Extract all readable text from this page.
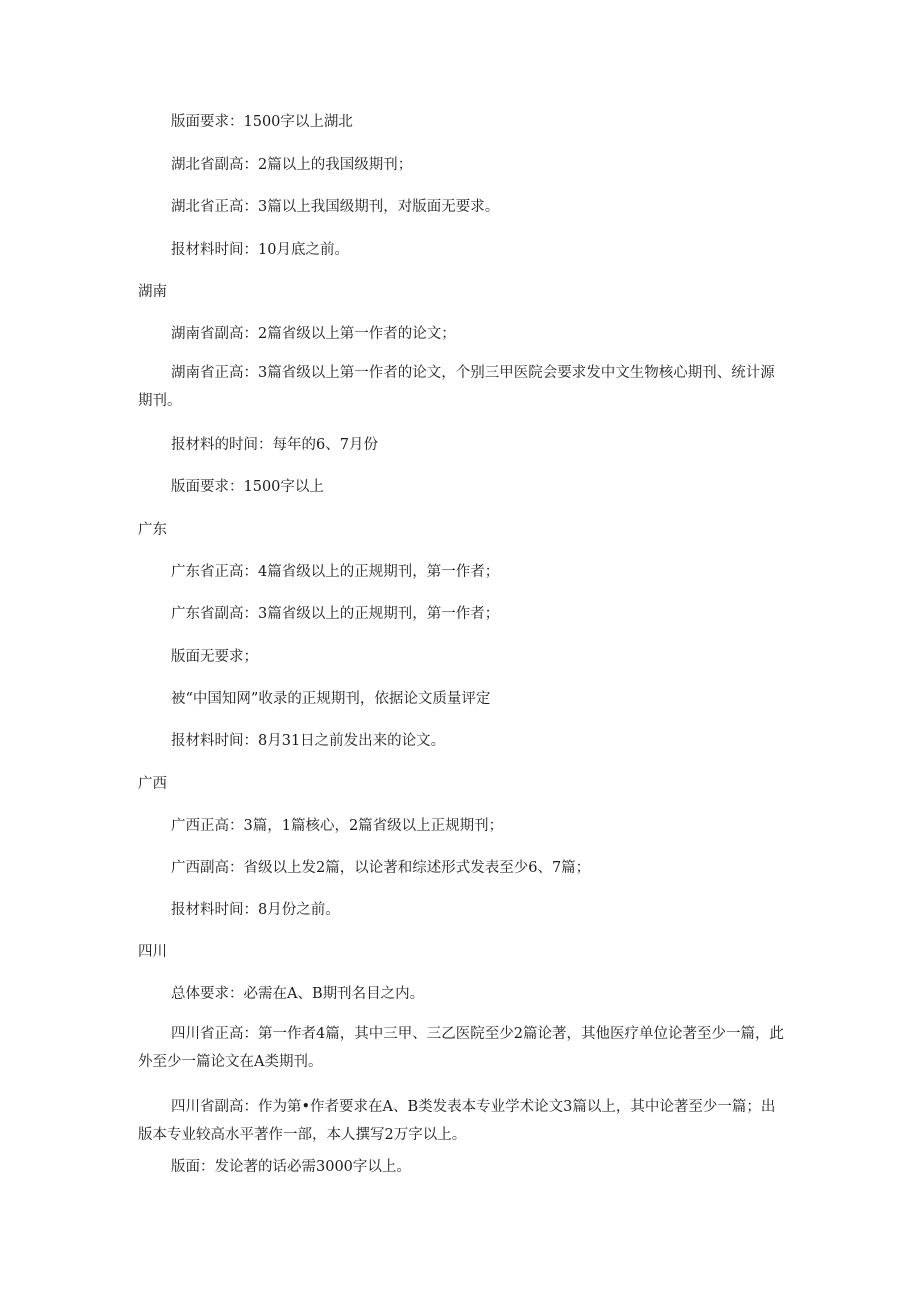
版面要求：1500字以上湖北
湖北省副高：2篇以上的我国级期刊；
湖北省正高：3篇以上我国级期刊，对版面无要求。
报材料时间：10月底之前。
湖南
湖南省副高：2篇省级以上第一作者的论文；
湖南省正高：3篇省级以上第一作者的论文，个别三甲医院会要求发中文生物核心期刊、统计源期刊。
报材料的时间：每年的6、7月份
版面要求：1500字以上
广东
广东省正高：4篇省级以上的正规期刊，第一作者；
广东省副高：3篇省级以上的正规期刊，第一作者；
版面无要求；
被“中国知网”收录的正规期刊，依据论文质量评定
报材料时间：8月31日之前发出来的论文。
广西
广西正高：3篇，1篇核心，2篇省级以上正规期刊；
广西副高：省级以上发2篇，以论著和综述形式发表至少6、7篇；
报材料时间：8月份之前。
四川
总体要求：必需在A、B期刊名目之内。
四川省正高：第一作者4篇，其中三甲、三乙医院至少2篇论著，其他医疗单位论著至少一篇，此外至少一篇论文在A类期刊。
四川省副高：作为第•作者要求在A、B类发表本专业学术论文3篇以上，其中论著至少一篇；出版本专业较高水平著作一部，本人撰写2万字以上。
版面：发论著的话必需3000字以上。
